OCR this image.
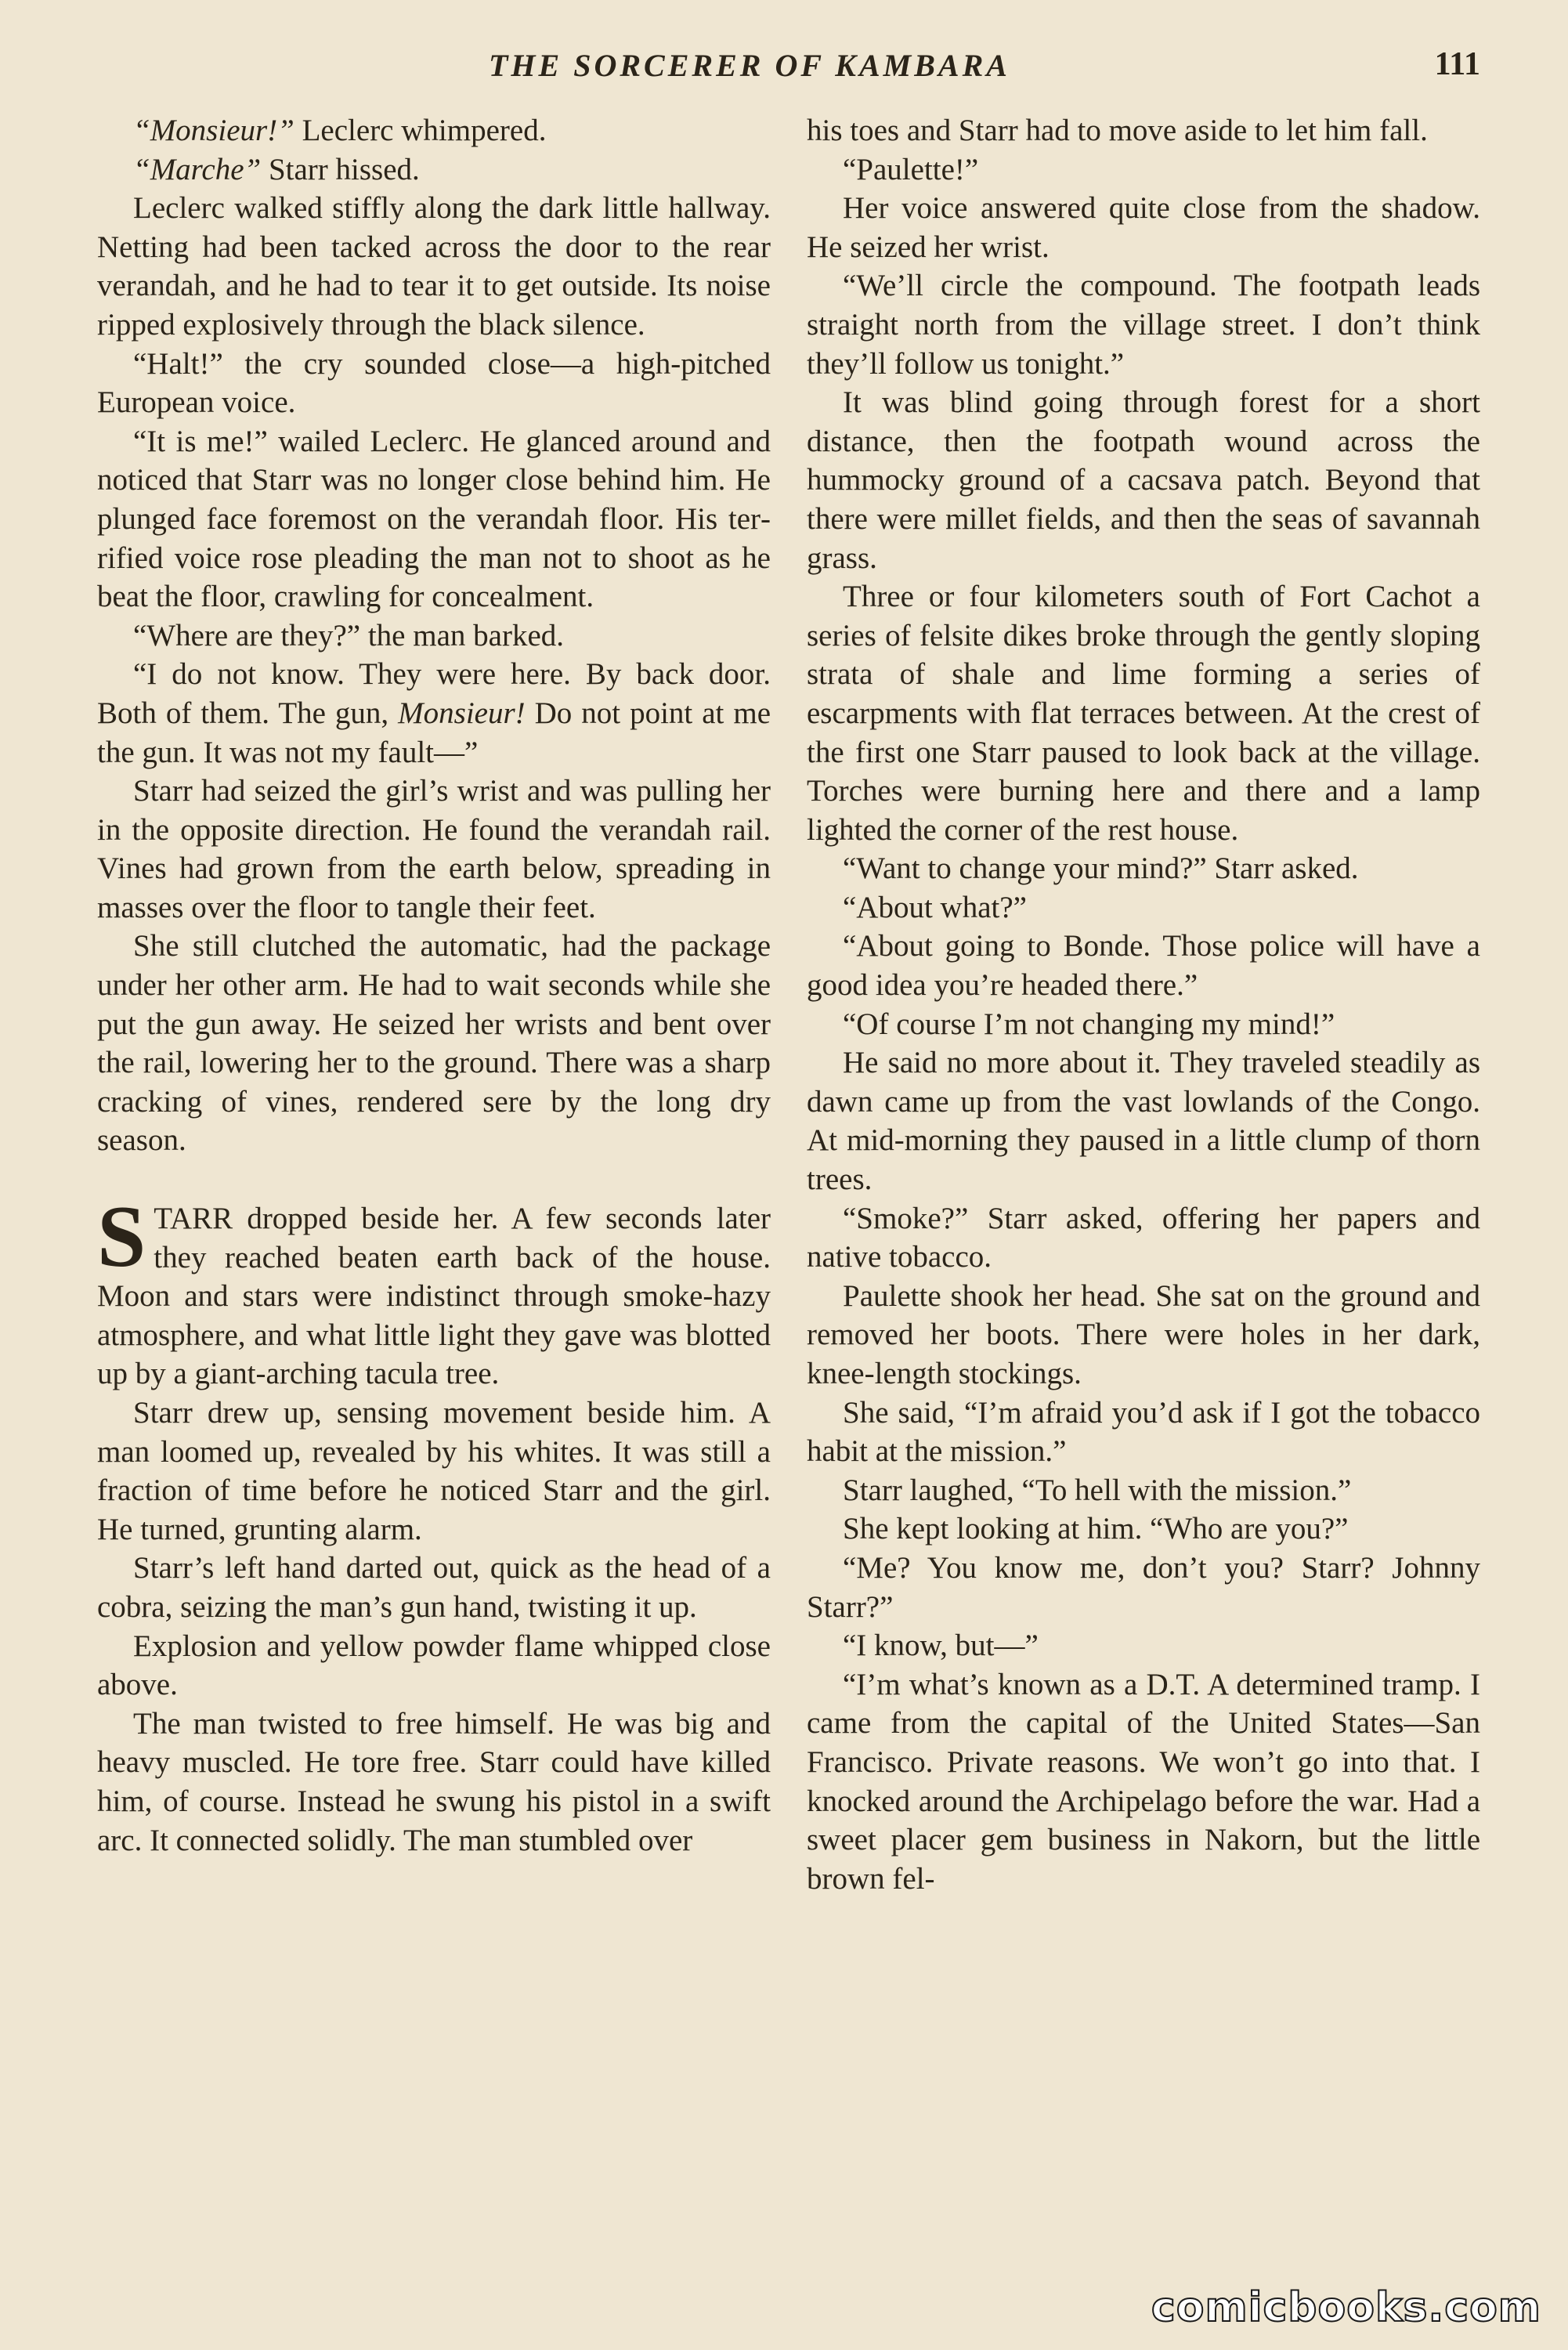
THE SORCERER OF KAMBARA	111

“Monsieur!” Leclerc whimpered.

“Marche” Starr hissed.

Leclerc walked stiffly along the dark little hallway. Netting had been tacked across the door to the rear verandah, and he had to tear it to get outside. Its noise ripped explosively through the black silence.

“Halt!” the cry sounded close—a high-pitched European voice.

“It is me!” wailed Leclerc. He glanced around and noticed that Starr was no longer close behind him. He plunged face foremost on the verandah floor. His terrified voice rose pleading the man not to shoot as he beat the floor, crawling for concealment.

“Where are they?” the man barked.

“I do not know. They were here. By back door. Both of them. The gun, Monsieur! Do not point at me the gun. It was not my fault—”

Starr had seized the girl’s wrist and was pulling her in the opposite direction. He found the verandah rail. Vines had grown from the earth below, spreading in masses over the floor to tangle their feet.

She still clutched the automatic, had the package under her other arm. He had to wait seconds while she put the gun away. He seized her wrists and bent over the rail, lowering her to the ground. There was a sharp cracking of vines, rendered sere by the long dry season.

STARR dropped beside her. A few seconds later they reached beaten earth back of the house. Moon and stars were indistinct through smoke-hazy atmosphere, and what little light they gave was blotted up by a giant-arching tacula tree.

Starr drew up, sensing movement beside him. A man loomed up, revealed by his whites. It was still a fraction of time before he noticed Starr and the girl. He turned, grunting alarm.

Starr’s left hand darted out, quick as the head of a cobra, seizing the man’s gun hand, twisting it up.

Explosion and yellow powder flame whipped close above.

The man twisted to free himself. He was big and heavy muscled. He tore free. Starr could have killed him, of course. Instead he swung his pistol in a swift arc. It connected solidly. The man stumbled over

his toes and Starr had to move aside to let him fall.

“Paulette!”

Her voice answered quite close from the shadow. He seized her wrist.

“We’ll circle the compound. The footpath leads straight north from the village street. I don’t think they’ll follow us tonight.”

It was blind going through forest for a short distance, then the footpath wound across the hummocky ground of a cacsava patch. Beyond that there were millet fields, and then the seas of savannah grass.

Three or four kilometers south of Fort Cachot a series of felsite dikes broke through the gently sloping strata of shale and lime forming a series of escarpments with flat terraces between. At the crest of the first one Starr paused to look back at the village. Torches were burning here and there and a lamp lighted the corner of the rest house.

“Want to change your mind?” Starr asked.

“About what?”

“About going to Bonde. Those police will have a good idea you’re headed there.”

“Of course I’m not changing my mind!”

He said no more about it. They traveled steadily as dawn came up from the vast lowlands of the Congo. At mid-morning they paused in a little clump of thorn trees.

“Smoke?” Starr asked, offering her papers and native tobacco.

Paulette shook her head. She sat on the ground and removed her boots. There were holes in her dark, knee-length stockings.

She said, “I’m afraid you’d ask if I got the tobacco habit at the mission.”

Starr laughed, “To hell with the mission.”

She kept looking at him. “Who are you?”

“Me? You know me, don’t you? Starr? Johnny Starr?”

“I know, but—”

“I’m what’s known as a D.T. A determined tramp. I came from the capital of the United States—San Francisco. Private reasons. We won’t go into that. I knocked around the Archipelago before the war. Had a sweet placer gem business in Nakorn, but the little brown fel-

comicbooks.com
